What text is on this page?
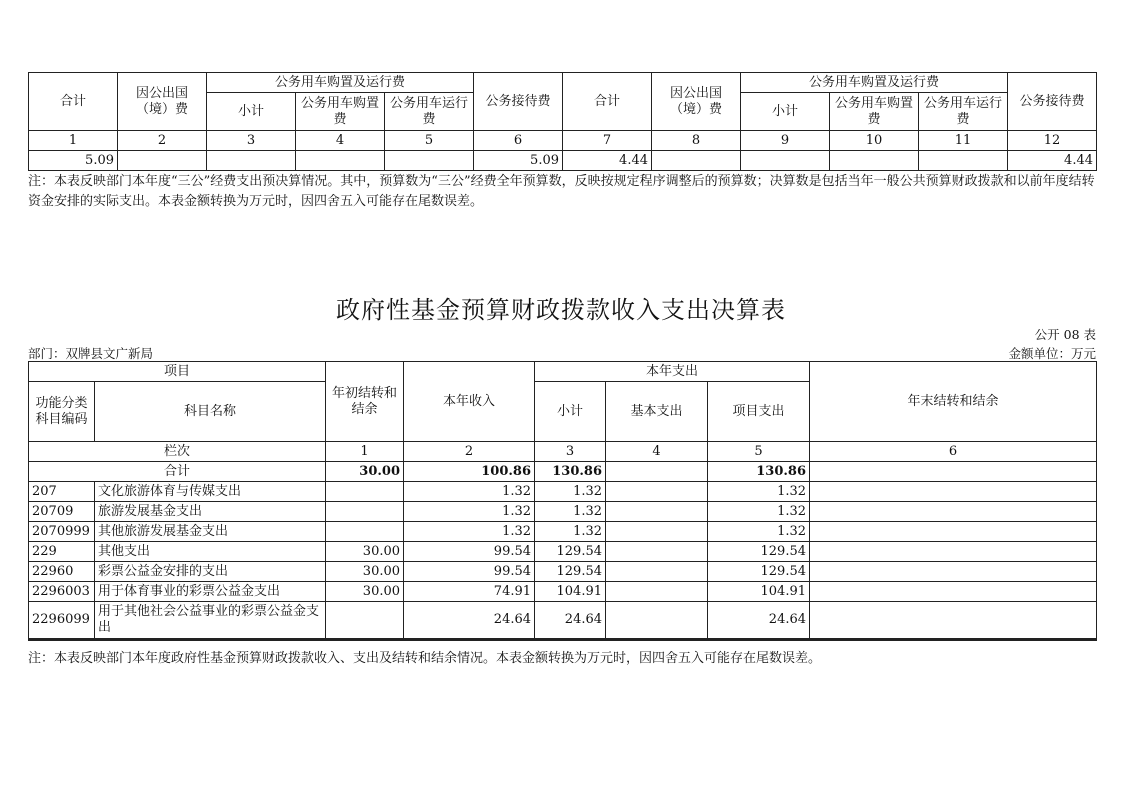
合计	因公出国（境）费	公务用车购置及运行费			公务接待费	合计	因公出国（境）费	公务用车购置及运行费			公务接待费
		小计	公务用车购置费	公务用车运行费				小计	公务用车购置费	公务用车运行费	
1	2	3	4	5	6	7	8	9	10	11	12
5.09					5.09	4.44					4.44
注：本表反映部门本年度“三公”经费支出预决算情况。其中，预算数为“三公”经费全年预算数，反映按规定程序调整后的预算数；决算数是包括当年一般公共预算财政拨款和以前年度结转资金安排的实际支出。本表金额转换为万元时，因四舍五入可能存在尾数误差。
政府性基金预算财政拨款收入支出决算表
公开 08 表
部门：双牌县文广新局	金额单位：万元
项目		年初结转和结余	本年收入	本年支出			年末结转和结余
功能分类科目编码	科目名称			小计	基本支出	项目支出	
栏次		1	2	3	4	5	6
合计		30.00	100.86	130.86		130.86	
207	文化旅游体育与传媒支出		1.32	1.32		1.32	
20709	旅游发展基金支出		1.32	1.32		1.32	
2070999	其他旅游发展基金支出		1.32	1.32		1.32	
229	其他支出	30.00	99.54	129.54		129.54	
22960	彩票公益金安排的支出	30.00	99.54	129.54		129.54	
2296003	用于体育事业的彩票公益金支出	30.00	74.91	104.91		104.91	
2296099	用于其他社会公益事业的彩票公益金支出		24.64	24.64		24.64	
注：本表反映部门本年度政府性基金预算财政拨款收入、支出及结转和结余情况。本表金额转换为万元时，因四舍五入可能存在尾数误差。
